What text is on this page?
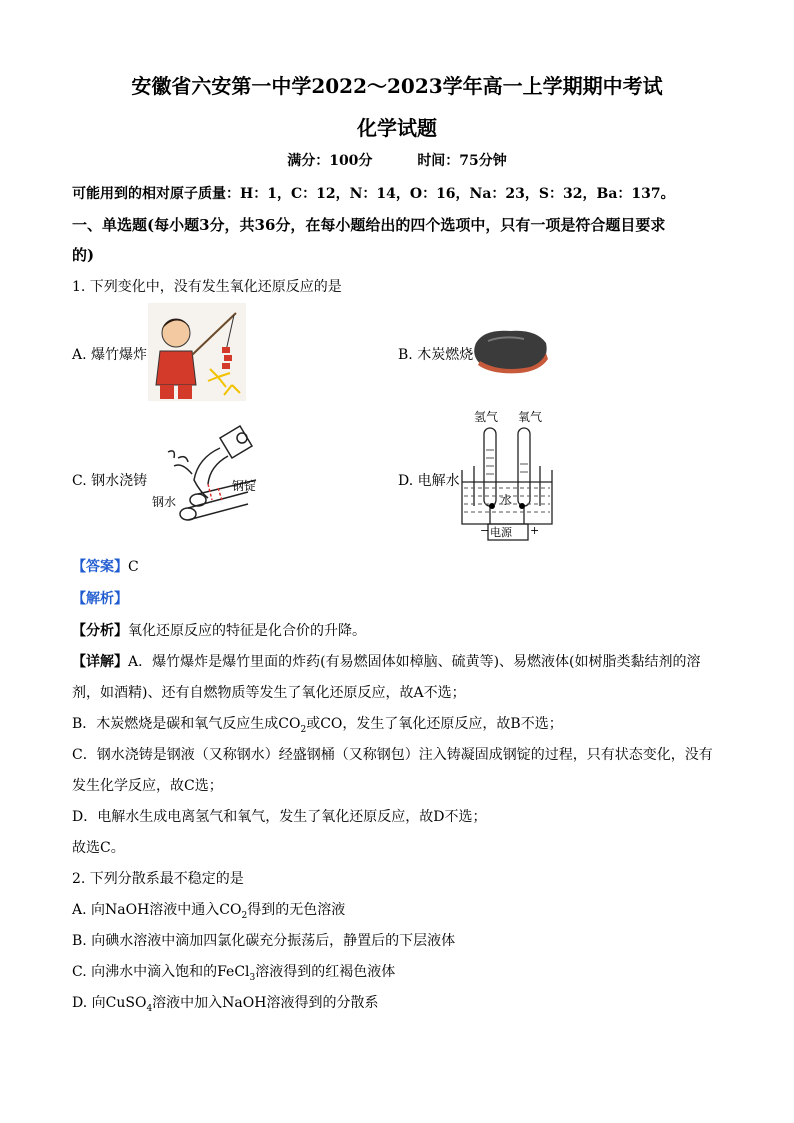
安徽省六安第一中学2022～2023学年高一上学期期中考试
化学试题
满分：100分	时间：75分钟
可能用到的相对原子质量：H：1，C：12，N：14，O：16，Na：23，S：32，Ba：137。
一、单选题(每小题3分，共36分，在每小题给出的四个选项中，只有一项是符合题目要求
的)
1. 下列变化中，没有发生氧化还原反应的是
A. 爆竹爆炸	B. 木炭燃烧
C. 钢水浇铸	钢锭
钢水
D. 电解水
氢气 氧气
水
电源
−	+
【答案】C
【解析】
【分析】氧化还原反应的特征是化合价的升降。
【详解】A．爆竹爆炸是爆竹里面的炸药(有易燃固体如樟脑、硫黄等)、易燃液体(如树脂类黏结剂的溶
剂，如酒精)、还有自燃物质等发生了氧化还原反应，故A不选；
B．木炭燃烧是碳和氧气反应生成$CO_2$或CO，发生了氧化还原反应，故B不选；
C．钢水浇铸是钢液（又称钢水）经盛钢桶（又称钢包）注入铸凝固成钢锭的过程，只有状态变化，没有
发生化学反应，故C选；
D．电解水生成电离氢气和氧气，发生了氧化还原反应，故D不选；
故选C。
2. 下列分散系最不稳定的是
A. 向NaOH溶液中通入$CO_2$得到的无色溶液
B. 向碘水溶液中滴加四氯化碳充分振荡后，静置后的下层液体
C. 向沸水中滴入饱和的FeCl$_3$溶液得到的红褐色液体
D. 向CuSO$_4$溶液中加入NaOH溶液得到的分散系
